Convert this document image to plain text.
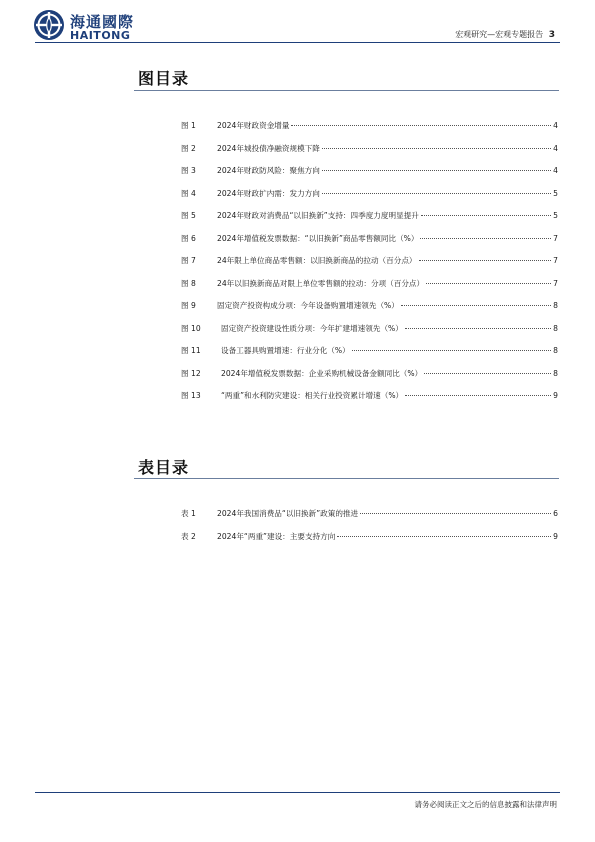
海通國際
HAITONG	宏观研究—宏观专题报告 3
图目录
图 1	2024年财政资金增量	4
图 2	2024年城投债净融资规模下降	4
图 3	2024年财政防风险：聚焦方向	4
图 4	2024年财政扩内需：发力方向	5
图 5	2024年财政对消费品“以旧换新”支持：四季度力度明显提升	5
图 6	2024年增值税发票数据：“以旧换新”商品零售额同比（%）	7
图 7	24年限上单位商品零售额：以旧换新商品的拉动（百分点）	7
图 8	24年以旧换新商品对限上单位零售额的拉动：分项（百分点）	7
图 9	固定资产投资构成分项：今年设备购置增速领先（%）	8
图 10	固定资产投资建设性质分项：今年扩建增速领先（%）	8
图 11	设备工器具购置增速：行业分化（%）	8
图 12	2024年增值税发票数据：企业采购机械设备金额同比（%）	8
图 13	“两重”和水利防灾建设：相关行业投资累计增速（%）	9
表目录
表 1	2024年我国消费品“以旧换新”政策的推进	6
表 2	2024年“两重”建设：主要支持方向	9
请务必阅读正文之后的信息披露和法律声明
